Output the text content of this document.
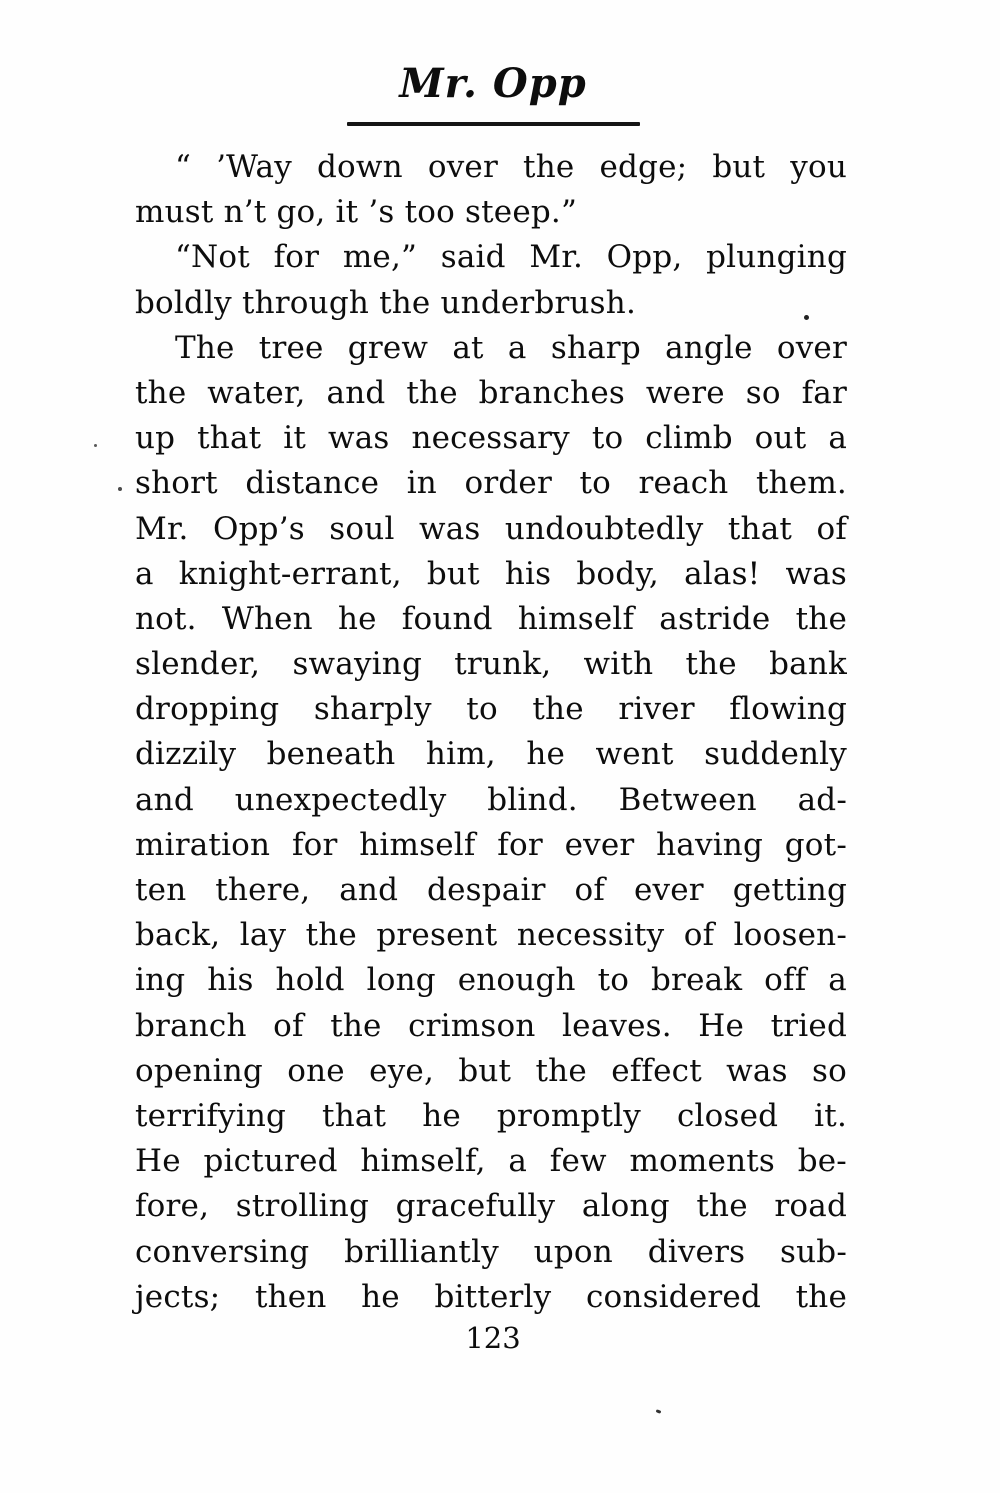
Mr. Opp
“ ’Way down over the edge; but you
must n’t go, it ’s too steep.”
“Not for me,” said Mr. Opp, plunging
boldly through the underbrush.
The tree grew at a sharp angle over
the water, and the branches were so far
up that it was necessary to climb out a
short distance in order to reach them.
Mr. Opp’s soul was undoubtedly that of
a knight-errant, but his body, alas! was
not. When he found himself astride the
slender, swaying trunk, with the bank
dropping sharply to the river flowing
dizzily beneath him, he went suddenly
and unexpectedly blind. Between ad-
miration for himself for ever having got-
ten there, and despair of ever getting
back, lay the present necessity of loosen-
ing his hold long enough to break off a
branch of the crimson leaves. He tried
opening one eye, but the effect was so
terrifying that he promptly closed it.
He pictured himself, a few moments be-
fore, strolling gracefully along the road
conversing brilliantly upon divers sub-
jects; then he bitterly considered the
123
